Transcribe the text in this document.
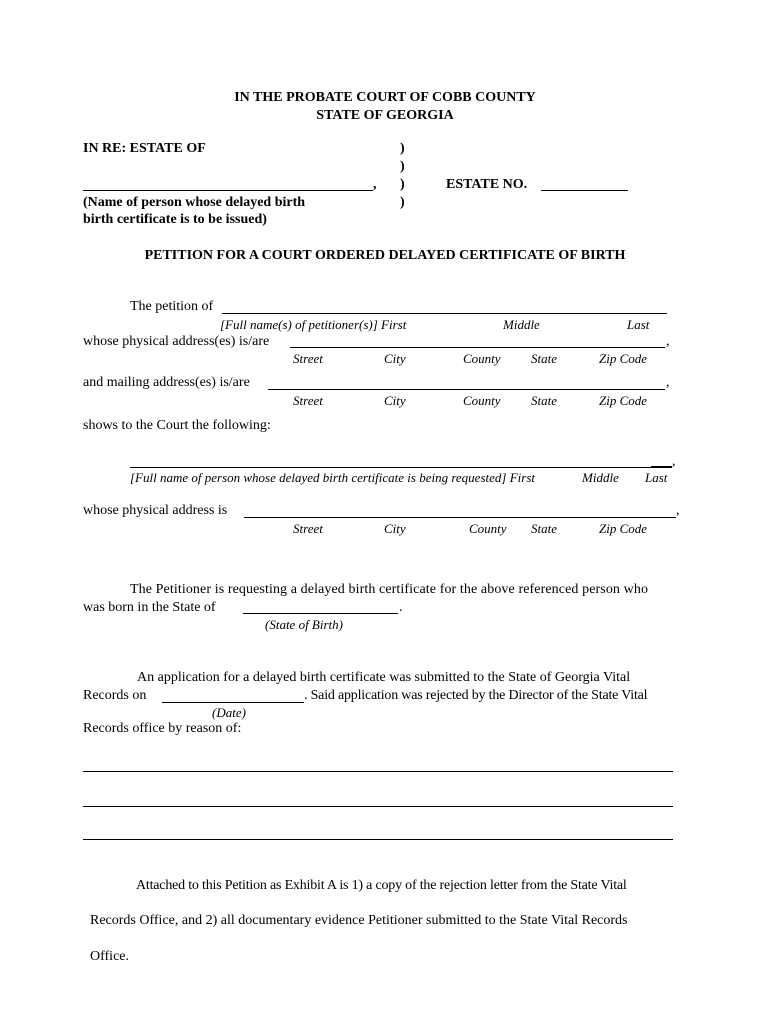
IN THE PROBATE COURT OF COBB COUNTY
STATE OF GEORGIA
IN RE: ESTATE OF	)
)
)
)
,	ESTATE NO.
(Name of person whose delayed birth
birth certificate is to be issued)
PETITION FOR A COURT ORDERED DELAYED CERTIFICATE OF BIRTH
The petition of
[Full name(s) of petitioner(s)] First	Middle	Last
whose physical address(es) is/are	,
Street	City	County State	Zip Code
and mailing address(es) is/are	,
Street	City	County State	Zip Code
shows to the Court the following:
,
[Full name of person whose delayed birth certificate is being requested] First	Middle Last
whose physical address is	,
Street	City	County State	Zip Code
The Petitioner is requesting a delayed birth certificate for the above referenced person who
was born in the State of	.
(State of Birth)
An application for a delayed birth certificate was submitted to the State of Georgia Vital
Records on	. Said application was rejected by the Director of the State Vital
(Date)
Records office by reason of:
Attached to this Petition as Exhibit A is 1) a copy of the rejection letter from the State Vital
Records Office, and 2) all documentary evidence Petitioner submitted to the State Vital Records
Office.
